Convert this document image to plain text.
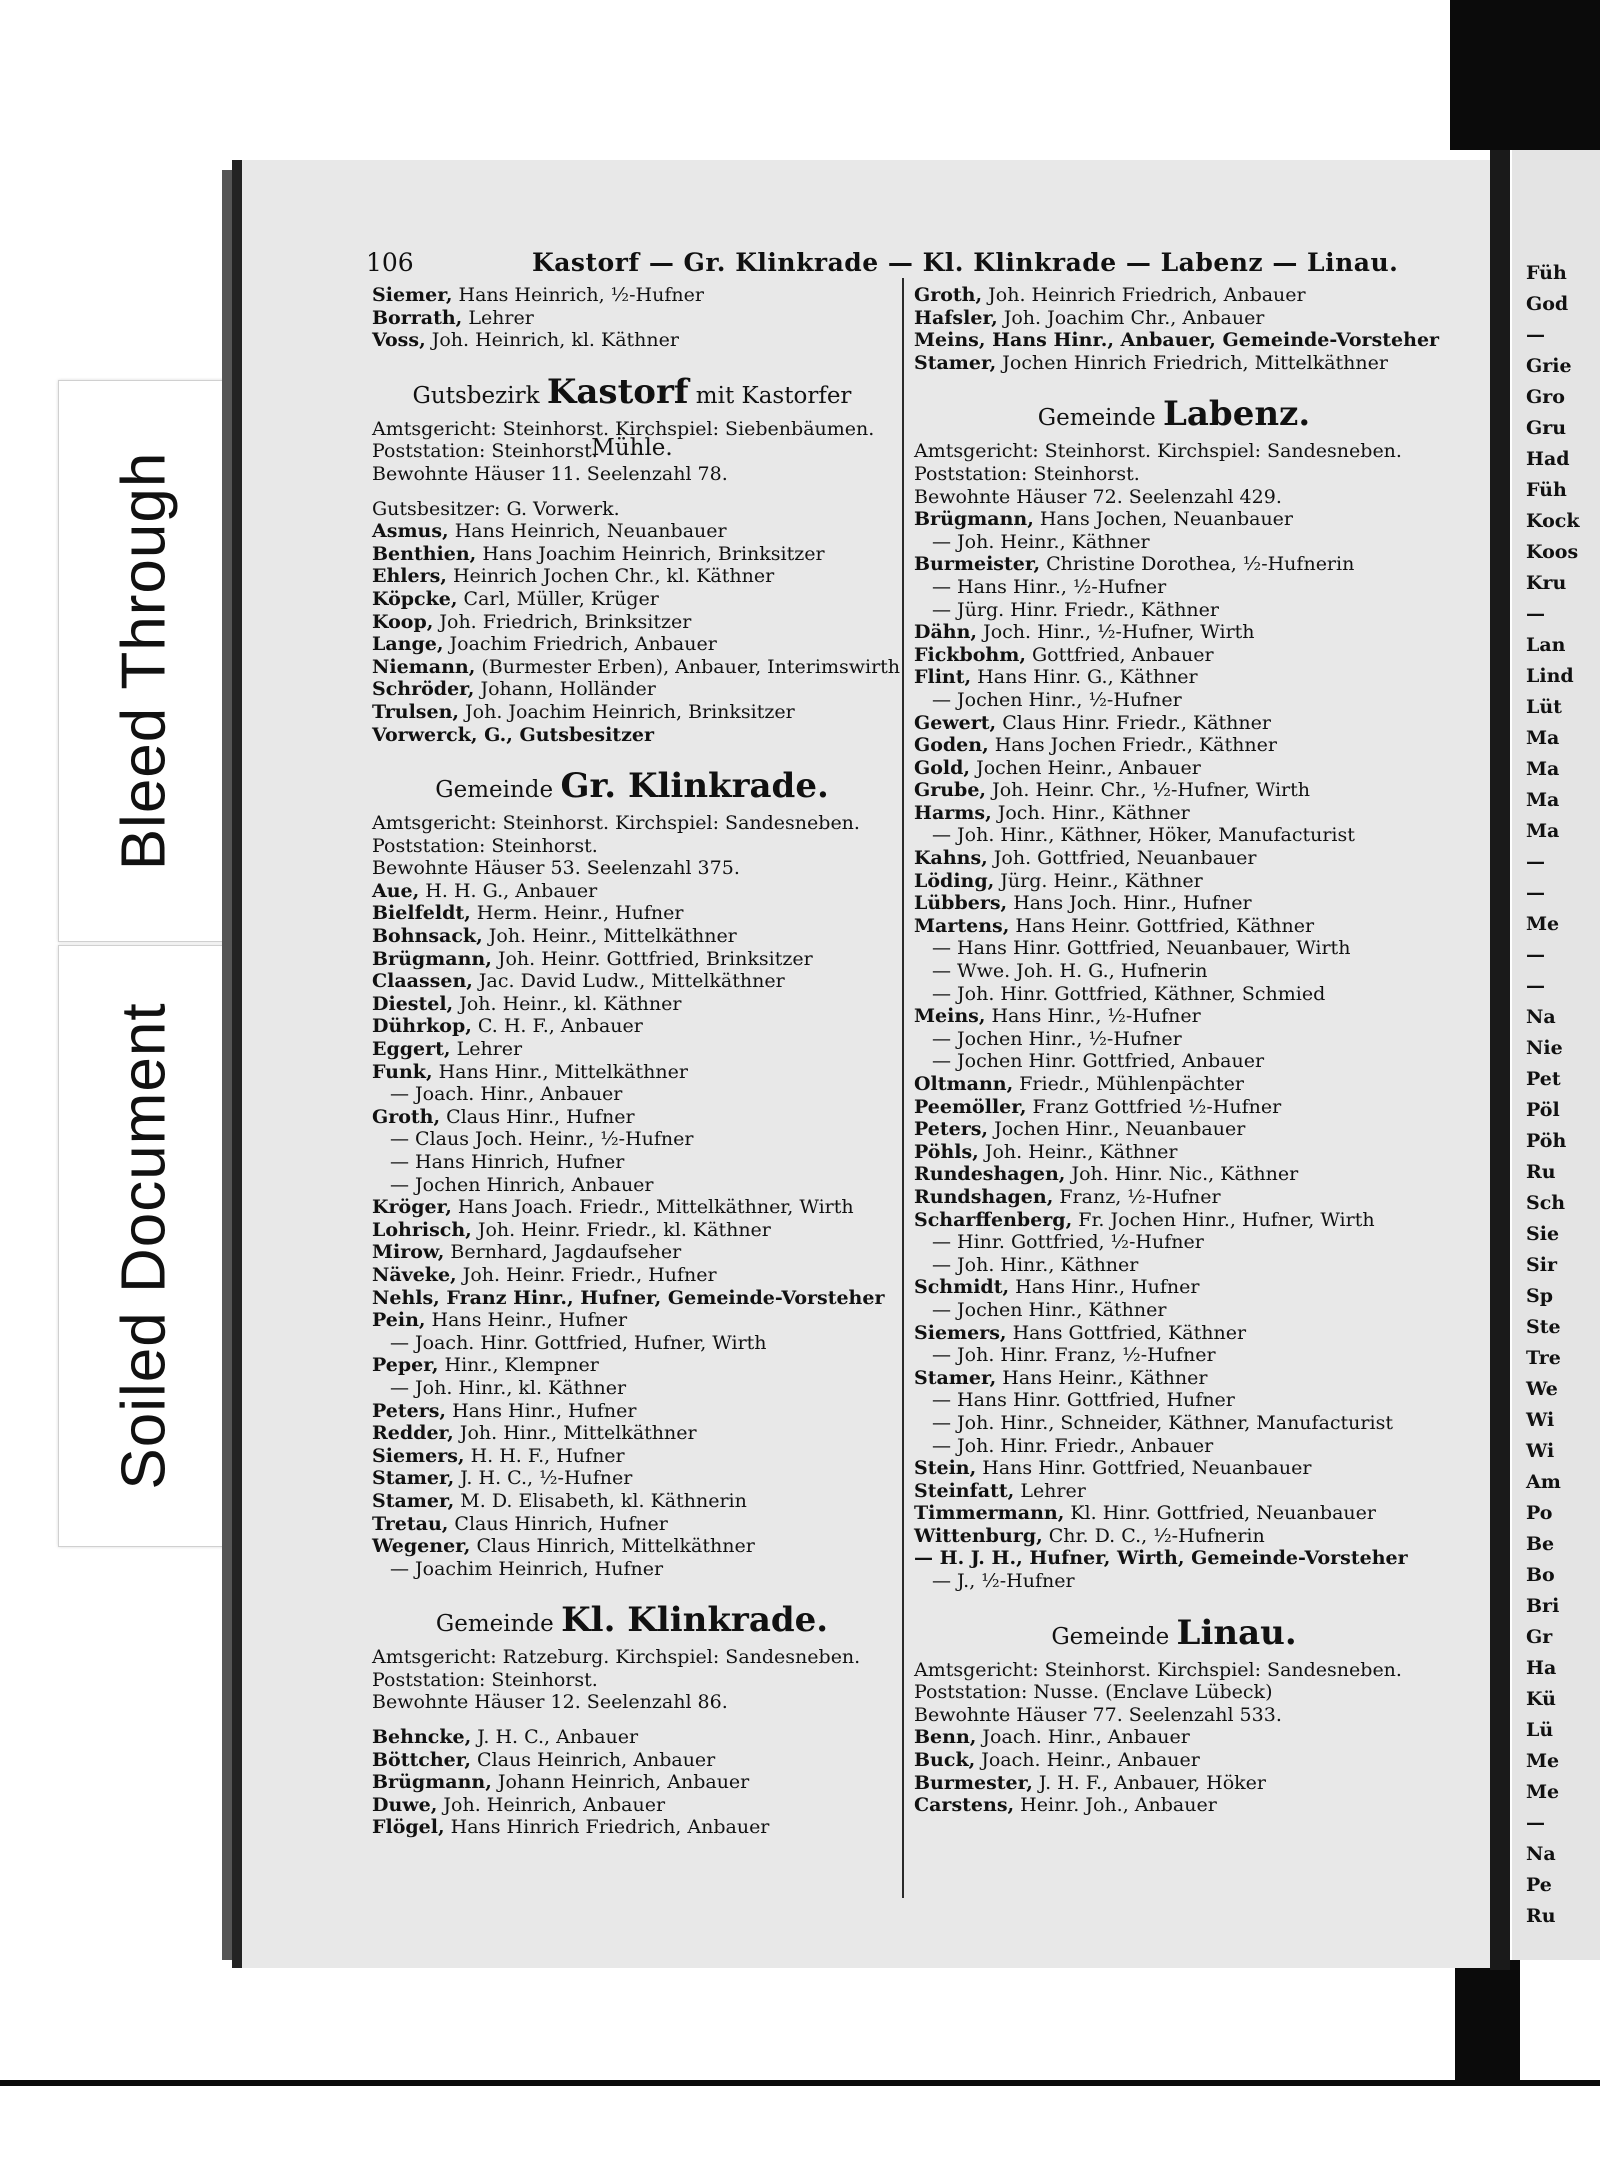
Bleed Through
Soiled Document
106	Kastorf — Gr. Klinkrade — Kl. Klinkrade — Labenz — Linau.
Siemer, Hans Heinrich, ½-Hufner
Borrath, Lehrer
Voss, Joh. Heinrich, kl. Käthner
Gutsbezirk Kastorf mit Kastorfer Mühle.
Amtsgericht: Steinhorst. Kirchspiel: Siebenbäumen.
Poststation: Steinhorst.
Bewohnte Häuser 11. Seelenzahl 78.
Gutsbesitzer: G. Vorwerk.
Asmus, Hans Heinrich, Neuanbauer
Benthien, Hans Joachim Heinrich, Brinksitzer
Ehlers, Heinrich Jochen Chr., kl. Käthner
Köpcke, Carl, Müller, Krüger
Koop, Joh. Friedrich, Brinksitzer
Lange, Joachim Friedrich, Anbauer
Niemann, (Burmester Erben), Anbauer, Interimswirth
Schröder, Johann, Holländer
Trulsen, Joh. Joachim Heinrich, Brinksitzer
Vorwerck, G., Gutsbesitzer
Gemeinde Gr. Klinkrade.
Amtsgericht: Steinhorst. Kirchspiel: Sandesneben.
Poststation: Steinhorst.
Bewohnte Häuser 53. Seelenzahl 375.
Aue, H. H. G., Anbauer
Bielfeldt, Herm. Heinr., Hufner
Bohnsack, Joh. Heinr., Mittelkäthner
Brügmann, Joh. Heinr. Gottfried, Brinksitzer
Claassen, Jac. David Ludw., Mittelkäthner
Diestel, Joh. Heinr., kl. Käthner
Dührkop, C. H. F., Anbauer
Eggert, Lehrer
Funk, Hans Hinr., Mittelkäthner
— Joach. Hinr., Anbauer
Groth, Claus Hinr., Hufner
— Claus Joch. Heinr., ½-Hufner
— Hans Hinrich, Hufner
— Jochen Hinrich, Anbauer
Kröger, Hans Joach. Friedr., Mittelkäthner, Wirth
Lohrisch, Joh. Heinr. Friedr., kl. Käthner
Mirow, Bernhard, Jagdaufseher
Näveke, Joh. Heinr. Friedr., Hufner
Nehls, Franz Hinr., Hufner, Gemeinde-Vorsteher
Pein, Hans Heinr., Hufner
— Joach. Hinr. Gottfried, Hufner, Wirth
Peper, Hinr., Klempner
— Joh. Hinr., kl. Käthner
Peters, Hans Hinr., Hufner
Redder, Joh. Hinr., Mittelkäthner
Siemers, H. H. F., Hufner
Stamer, J. H. C., ½-Hufner
Stamer, M. D. Elisabeth, kl. Käthnerin
Tretau, Claus Hinrich, Hufner
Wegener, Claus Hinrich, Mittelkäthner
— Joachim Heinrich, Hufner
Gemeinde Kl. Klinkrade.
Amtsgericht: Ratzeburg. Kirchspiel: Sandesneben.
Poststation: Steinhorst.
Bewohnte Häuser 12. Seelenzahl 86.
Behncke, J. H. C., Anbauer
Böttcher, Claus Heinrich, Anbauer
Brügmann, Johann Heinrich, Anbauer
Duwe, Joh. Heinrich, Anbauer
Flögel, Hans Hinrich Friedrich, Anbauer
Groth, Joh. Heinrich Friedrich, Anbauer
Hafsler, Joh. Joachim Chr., Anbauer
Meins, Hans Hinr., Anbauer, Gemeinde-Vorsteher
Stamer, Jochen Hinrich Friedrich, Mittelkäthner
Gemeinde Labenz.
Amtsgericht: Steinhorst. Kirchspiel: Sandesneben.
Poststation: Steinhorst.
Bewohnte Häuser 72. Seelenzahl 429.
Brügmann, Hans Jochen, Neuanbauer
— Joh. Heinr., Käthner
Burmeister, Christine Dorothea, ½-Hufnerin
— Hans Hinr., ½-Hufner
— Jürg. Hinr. Friedr., Käthner
Dähn, Joch. Hinr., ½-Hufner, Wirth
Fickbohm, Gottfried, Anbauer
Flint, Hans Hinr. G., Käthner
— Jochen Hinr., ½-Hufner
Gewert, Claus Hinr. Friedr., Käthner
Goden, Hans Jochen Friedr., Käthner
Gold, Jochen Heinr., Anbauer
Grube, Joh. Heinr. Chr., ½-Hufner, Wirth
Harms, Joch. Hinr., Käthner
— Joh. Hinr., Käthner, Höker, Manufacturist
Kahns, Joh. Gottfried, Neuanbauer
Löding, Jürg. Heinr., Käthner
Lübbers, Hans Joch. Hinr., Hufner
Martens, Hans Heinr. Gottfried, Käthner
— Hans Hinr. Gottfried, Neuanbauer, Wirth
— Wwe. Joh. H. G., Hufnerin
— Joh. Hinr. Gottfried, Käthner, Schmied
Meins, Hans Hinr., ½-Hufner
— Jochen Hinr., ½-Hufner
— Jochen Hinr. Gottfried, Anbauer
Oltmann, Friedr., Mühlenpächter
Peemöller, Franz Gottfried ½-Hufner
Peters, Jochen Hinr., Neuanbauer
Pöhls, Joh. Heinr., Käthner
Rundeshagen, Joh. Hinr. Nic., Käthner
Rundshagen, Franz, ½-Hufner
Scharffenberg, Fr. Jochen Hinr., Hufner, Wirth
— Hinr. Gottfried, ½-Hufner
— Joh. Hinr., Käthner
Schmidt, Hans Hinr., Hufner
— Jochen Hinr., Käthner
Siemers, Hans Gottfried, Käthner
— Joh. Hinr. Franz, ½-Hufner
Stamer, Hans Heinr., Käthner
— Hans Hinr. Gottfried, Hufner
— Joh. Hinr., Schneider, Käthner, Manufacturist
— Joh. Hinr. Friedr., Anbauer
Stein, Hans Hinr. Gottfried, Neuanbauer
Steinfatt, Lehrer
Timmermann, Kl. Hinr. Gottfried, Neuanbauer
Wittenburg, Chr. D. C., ½-Hufnerin
— H. J. H., Hufner, Wirth, Gemeinde-Vorsteher
— J., ½-Hufner
Gemeinde Linau.
Amtsgericht: Steinhorst. Kirchspiel: Sandesneben.
Poststation: Nusse. (Enclave Lübeck)
Bewohnte Häuser 77. Seelenzahl 533.
Benn, Joach. Hinr., Anbauer
Buck, Joach. Heinr., Anbauer
Burmester, J. H. F., Anbauer, Höker
Carstens, Heinr. Joh., Anbauer
Füh
God
—
Grie
Gro
Gru
Had
Füh
Kock
Koos
Kru
—
Lan
Lind
Lüt
Ma
Ma
Ma
Ma
—
—
Me
—
—
Na
Nie
Pet
Pöl
Pöh
Ru
Sch
Sie
Sir
Sp
Ste
Tre
We
Wi
Wi
Am
Po
Be
Bo
Bri
Gr
Ha
Kü
Lü
Me
Me
—
Na
Pe
Ru
